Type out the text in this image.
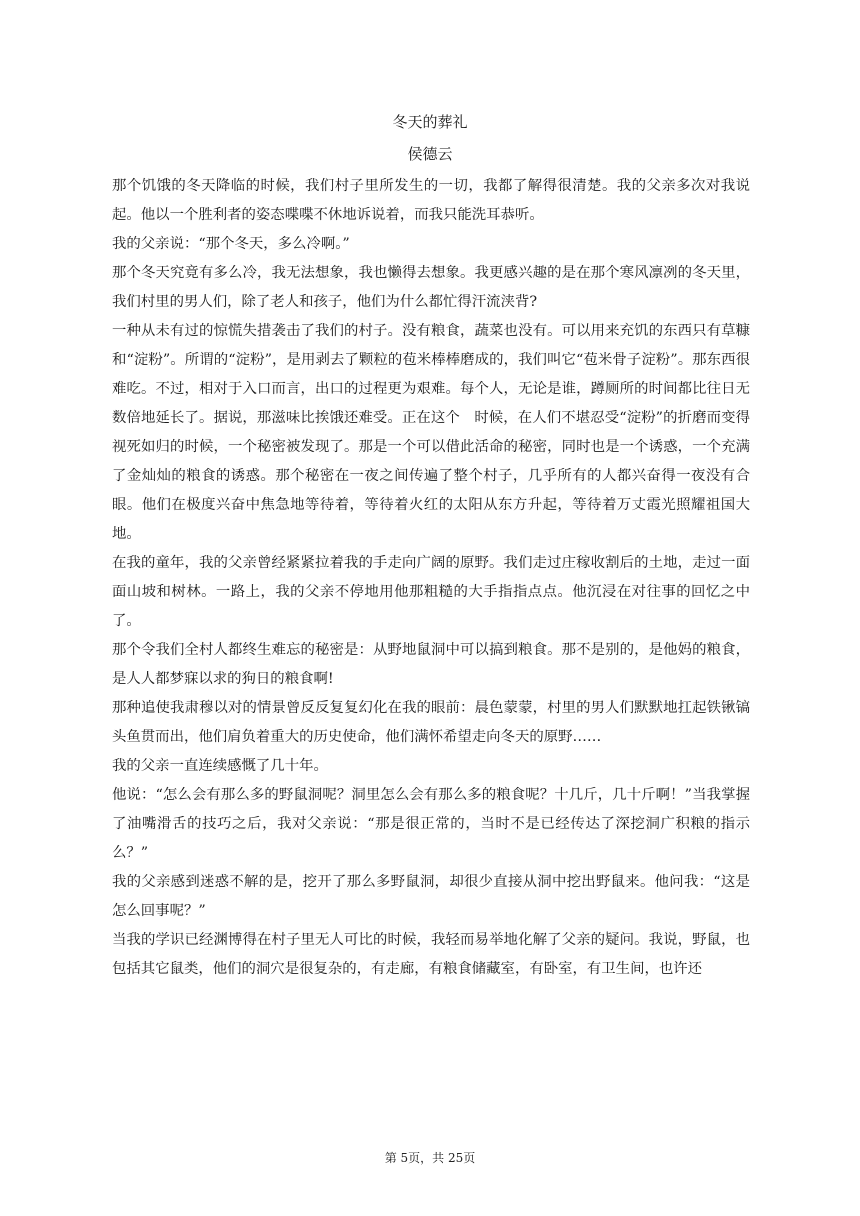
冬天的葬礼
侯德云

那个饥饿的冬天降临的时候，我们村子里所发生的一切，我都了解得很清楚。我的父亲多次对我说起。他以一个胜利者的姿态喋喋不休地诉说着，而我只能洗耳恭听。

我的父亲说：“那个冬天，多么冷啊。”

那个冬天究竟有多么冷，我无法想象，我也懒得去想象。我更感兴趣的是在那个寒风凛冽的冬天里，我们村里的男人们，除了老人和孩子，他们为什么都忙得汗流浃背?

一种从未有过的惊慌失措袭击了我们的村子。没有粮食，蔬菜也没有。可以用来充饥的东西只有草糠和“淀粉”。所谓的“淀粉”，是用剥去了颗粒的苞米棒棒磨成的，我们叫它“苞米骨子淀粉”。那东西很难吃。不过，相对于入口而言，出口的过程更为艰难。每个人，无论是谁，蹲厕所的时间都比往日无数倍地延长了。据说，那滋味比挨饿还难受。正在这个　时候，在人们不堪忍受“淀粉”的折磨而变得视死如归的时候，一个秘密被发现了。那是一个可以借此活命的秘密，同时也是一个诱惑，一个充满了金灿灿的粮食的诱惑。那个秘密在一夜之间传遍了整个村子，几乎所有的人都兴奋得一夜没有合眼。他们在极度兴奋中焦急地等待着，等待着火红的太阳从东方升起，等待着万丈霞光照耀祖国大地。

在我的童年，我的父亲曾经紧紧拉着我的手走向广阔的原野。我们走过庄稼收割后的土地，走过一面面山坡和树林。一路上，我的父亲不停地用他那粗糙的大手指指点点。他沉浸在对往事的回忆之中了。

那个令我们全村人都终生难忘的秘密是：从野地鼠洞中可以搞到粮食。那不是别的，是他妈的粮食，是人人都梦寐以求的狗日的粮食啊!

那种追使我肃穆以对的情景曾反反复复幻化在我的眼前：晨色蒙蒙，村里的男人们默默地扛起铁锹镐头鱼贯而出，他们肩负着重大的历史使命，他们满怀希望走向冬天的原野……

我的父亲一直连续感慨了几十年。

他说：“怎么会有那么多的野鼠洞呢？洞里怎么会有那么多的粮食呢？十几斤，几十斤啊！”当我掌握了油嘴滑舌的技巧之后，我对父亲说：“那是很正常的，当时不是已经传达了深挖洞广积粮的指示么？”

我的父亲感到迷惑不解的是，挖开了那么多野鼠洞，却很少直接从洞中挖出野鼠来。他问我：“这是怎么回事呢？”

当我的学识已经渊博得在村子里无人可比的时候，我轻而易举地化解了父亲的疑问。我说，野鼠，也包括其它鼠类，他们的洞穴是很复杂的，有走廊，有粮食储藏室，有卧室，有卫生间，也许还

第 5页，共 25页
